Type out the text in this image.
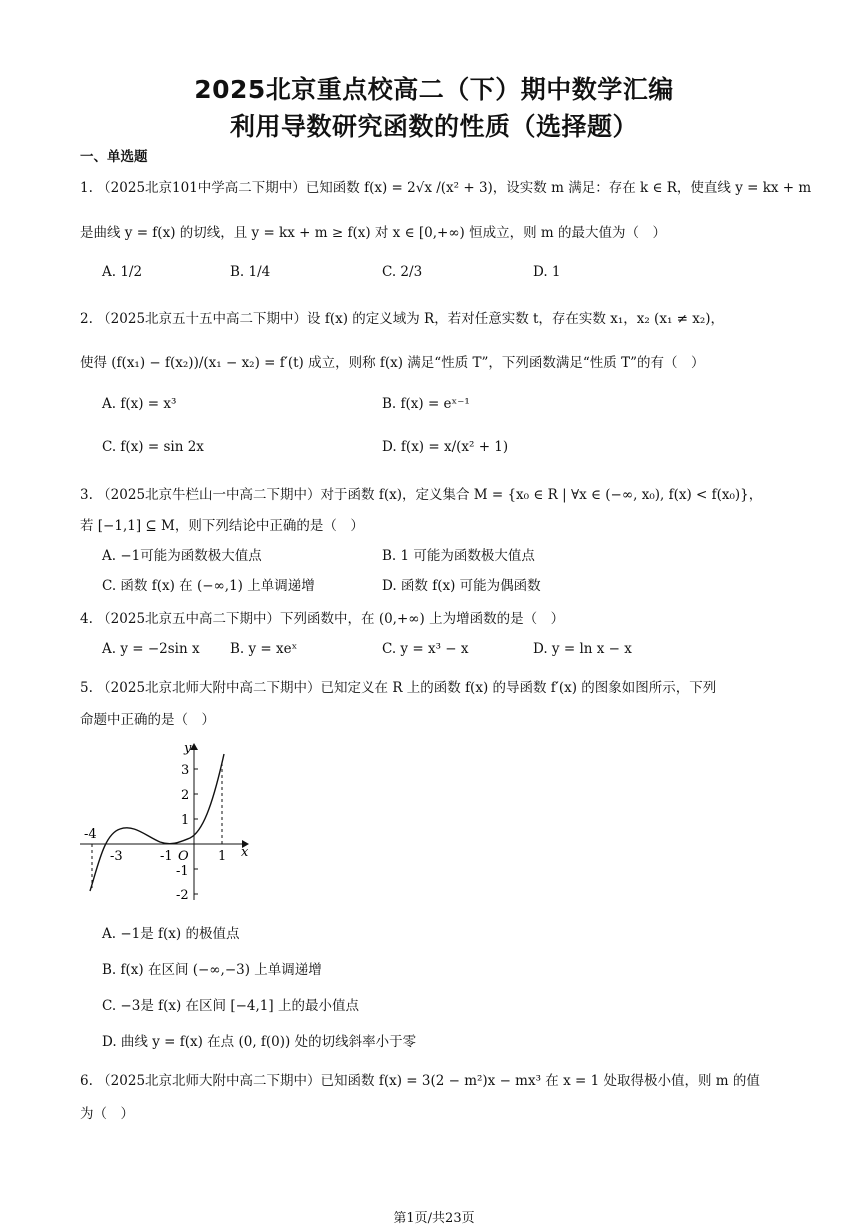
2025北京重点校高二（下）期中数学汇编
利用导数研究函数的性质（选择题）
一、单选题
1. （2025北京101中学高二下期中）已知函数 f(x) = 2√x /(x² + 3)，设实数 m 满足：存在 k ∈ R，使直线 y = kx + m
是曲线 y = f(x) 的切线，且 y = kx + m ≥ f(x) 对 x ∈ [0,+∞) 恒成立，则 m 的最大值为（　）
A. 1/2	B. 1/4	C. 2/3	D. 1
2. （2025北京五十五中高二下期中）设 f(x) 的定义域为 R，若对任意实数 t，存在实数 x₁，x₂ (x₁ ≠ x₂)，
使得 (f(x₁) − f(x₂))/(x₁ − x₂) = f′(t) 成立，则称 f(x) 满足“性质 T”，下列函数满足“性质 T”的有（　）
A. f(x) = x³	B. f(x) = eˣ⁻¹
C. f(x) = sin 2x	D. f(x) = x/(x² + 1)
3. （2025北京牛栏山一中高二下期中）对于函数 f(x)，定义集合 M = {x₀ ∈ R | ∀x ∈ (−∞, x₀), f(x) < f(x₀)}，
若 [−1,1] ⊆ M，则下列结论中正确的是（　）
A. −1可能为函数极大值点	B. 1 可能为函数极大值点
C. 函数 f(x) 在 (−∞,1) 上单调递增	D. 函数 f(x) 可能为偶函数
4. （2025北京五中高二下期中）下列函数中，在 (0,+∞) 上为增函数的是（　）
A. y = −2sin x B. y = xeˣ	C. y = x³ − x	D. y = ln x − x
5. （2025北京北师大附中高二下期中）已知定义在 R 上的函数 f(x) 的导函数 f′(x) 的图象如图所示，下列
命题中正确的是（　）
y
x
O
3
2
1
-1
-2
-4
-3	-1	1
A. −1是 f(x) 的极值点
B. f(x) 在区间 (−∞,−3) 上单调递增
C. −3是 f(x) 在区间 [−4,1] 上的最小值点
D. 曲线 y = f(x) 在点 (0, f(0)) 处的切线斜率小于零
6. （2025北京北师大附中高二下期中）已知函数 f(x) = 3(2 − m²)x − mx³ 在 x = 1 处取得极小值，则 m 的值
为（　）
第1页/共23页
